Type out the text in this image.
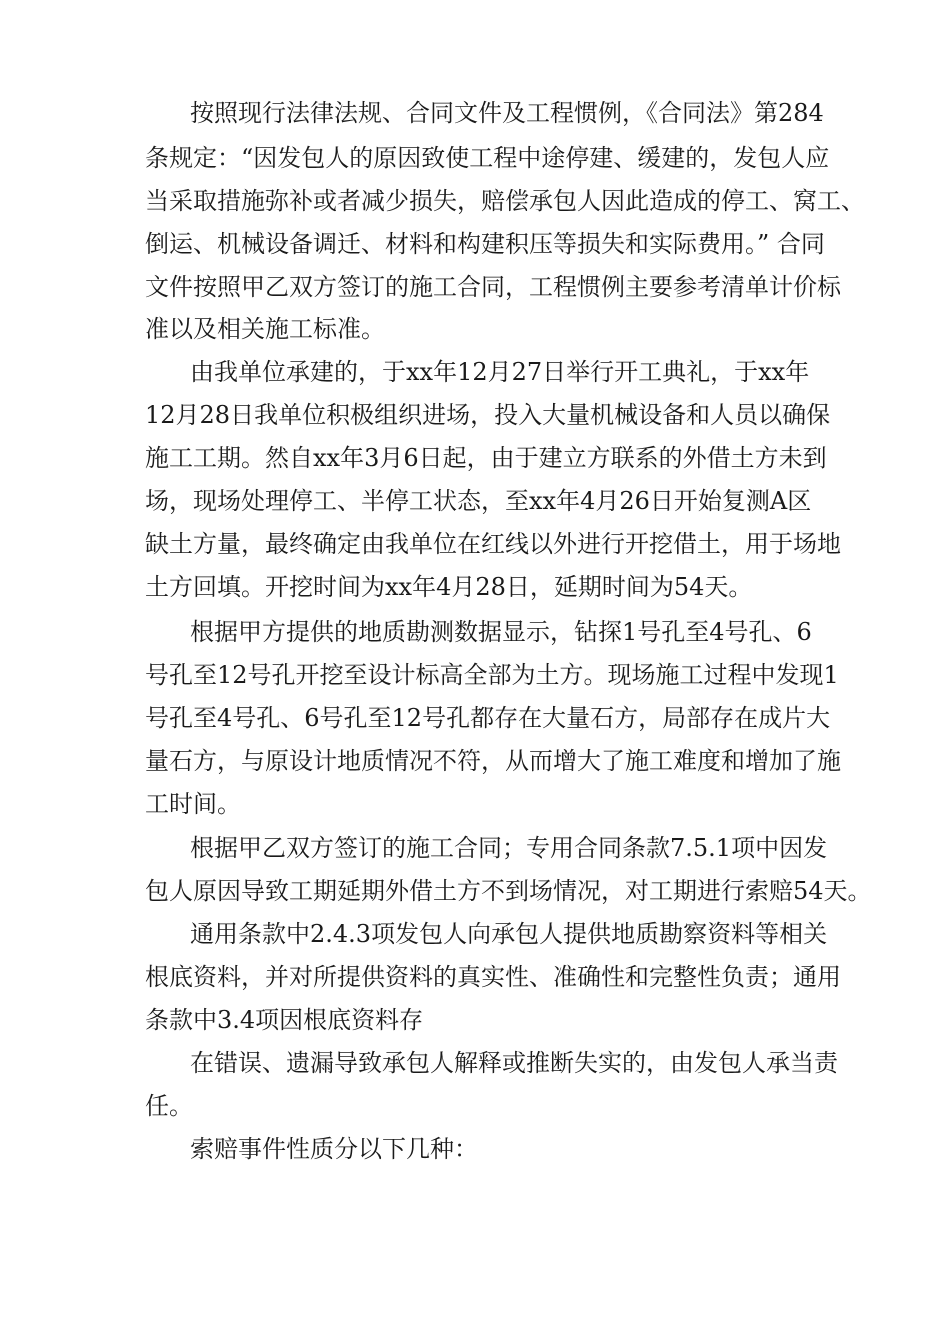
按照现行法律法规、合同文件及工程惯例，《合同法》第284
条规定：“因发包人的原因致使工程中途停建、缓建的，发包人应
当采取措施弥补或者减少损失，赔偿承包人因此造成的停工、窝工、
倒运、机械设备调迁、材料和构建积压等损失和实际费用。” 合同
文件按照甲乙双方签订的施工合同，工程惯例主要参考清单计价标
准以及相关施工标准。
由我单位承建的，于xx年12月27日举行开工典礼，于xx年
12月28日我单位积极组织进场，投入大量机械设备和人员以确保
施工工期。然自xx年3月6日起，由于建立方联系的外借土方未到
场，现场处理停工、半停工状态，至xx年4月26日开始复测A区
缺土方量，最终确定由我单位在红线以外进行开挖借土，用于场地
土方回填。开挖时间为xx年4月28日，延期时间为54天。
根据甲方提供的地质勘测数据显示，钻探1号孔至4号孔、6
号孔至12号孔开挖至设计标高全部为土方。现场施工过程中发现1
号孔至4号孔、6号孔至12号孔都存在大量石方，局部存在成片大
量石方，与原设计地质情况不符，从而增大了施工难度和增加了施
工时间。
根据甲乙双方签订的施工合同；专用合同条款7.5.1项中因发
包人原因导致工期延期外借土方不到场情况，对工期进行索赔54天。
通用条款中2.4.3项发包人向承包人提供地质勘察资料等相关
根底资料，并对所提供资料的真实性、准确性和完整性负责；通用
条款中3.4项因根底资料存
在错误、遗漏导致承包人解释或推断失实的，由发包人承当责
任。
索赔事件性质分以下几种：
